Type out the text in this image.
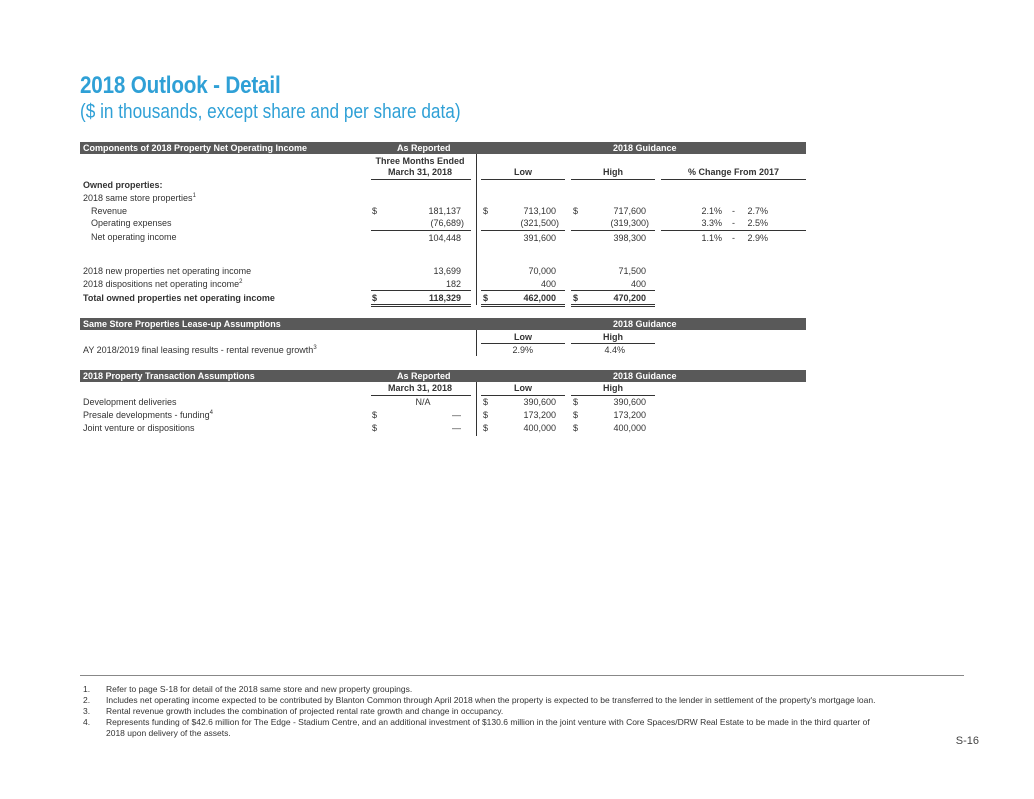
2018 Outlook - Detail
($ in thousands, except share and per share data)
Components of 2018 Property Net Operating Income	As Reported	2018 Guidance
Three Months Ended
March 31, 2018	Low	High	% Change From 2017
Owned properties:
2018 same store properties$^1$
Revenue	$	181,137 $	713,100 $	717,600	2.1% -	2.7%
Operating expenses	(76,689)	(321,500)	(319,300)	3.3% -	2.5%
Net operating income	104,448	391,600	398,300	1.1% -	2.9%
2018 new properties net operating income	13,699	70,000	71,500
2018 dispositions net operating income$^2$	182	400	400
Total owned properties net operating income	$	118,329 $	462,000 $	470,200
Same Store Properties Lease-up Assumptions	2018 Guidance
Low	High
AY 2018/2019 final leasing results - rental revenue growth$^3$	2.9%	4.4%
2018 Property Transaction Assumptions	As Reported	2018 Guidance
March 31, 2018	Low	High
Development deliveries	N/A	$	390,600 $	390,600
Presale developments - funding$^4$	$	— $	173,200 $	173,200
Joint venture or dispositions	$	— $	400,000 $	400,000
1. Refer to page S-18 for detail of the 2018 same store and new property groupings.
2. Includes net operating income expected to be contributed by Blanton Common through April 2018 when the property is expected to be transferred to the lender in settlement of the property's mortgage loan.
3. Rental revenue growth includes the combination of projected rental rate growth and change in occupancy.
4. Represents funding of $42.6 million for The Edge - Stadium Centre, and an additional investment of $130.6 million in the joint venture with Core Spaces/DRW Real Estate to be made in the third quarter of
2018 upon delivery of the assets.
S-16
